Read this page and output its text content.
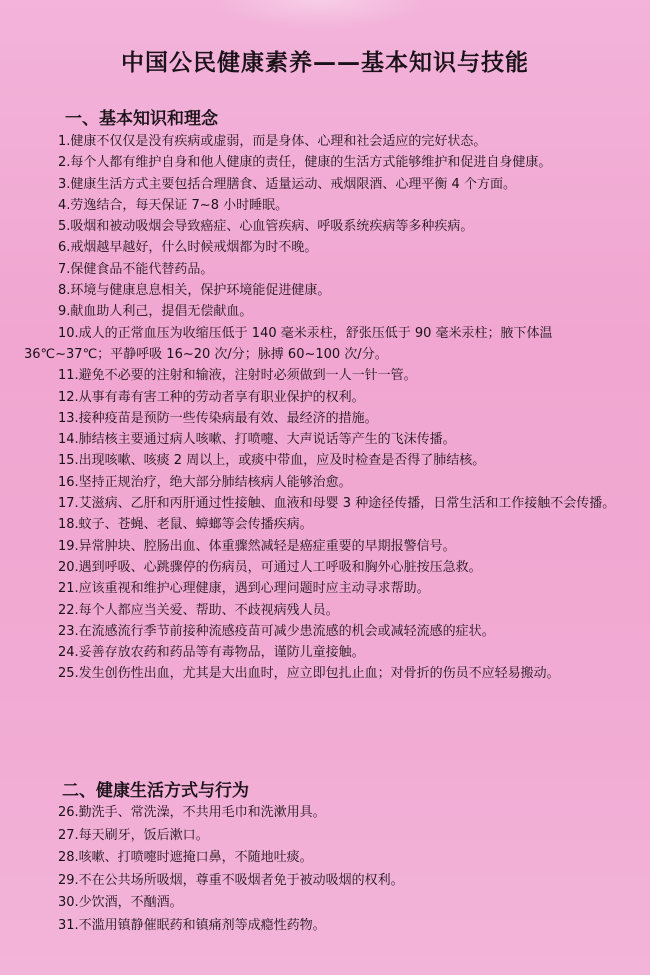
中国公民健康素养——基本知识与技能
一、基本知识和理念

1.健康不仅仅是没有疾病或虚弱，而是身体、心理和社会适应的完好状态。

2.每个人都有维护自身和他人健康的责任，健康的生活方式能够维护和促进自身健康。

3.健康生活方式主要包括合理膳食、适量运动、戒烟限酒、心理平衡 4 个方面。

4.劳逸结合，每天保证 7~8 小时睡眠。

5.吸烟和被动吸烟会导致癌症、心血管疾病、呼吸系统疾病等多种疾病。

6.戒烟越早越好，什么时候戒烟都为时不晚。

7.保健食品不能代替药品。

8.环境与健康息息相关，保护环境能促进健康。

9.献血助人利己，提倡无偿献血。

10.成人的正常血压为收缩压低于 140 毫米汞柱，舒张压低于 90 毫米汞柱；腋下体温 36℃~37℃；平静呼吸 16~20 次/分；脉搏 60~100 次/分。

11.避免不必要的注射和输液，注射时必须做到一人一针一管。

12.从事有毒有害工种的劳动者享有职业保护的权利。

13.接种疫苗是预防一些传染病最有效、最经济的措施。

14.肺结核主要通过病人咳嗽、打喷嚏、大声说话等产生的飞沫传播。

15.出现咳嗽、咳痰 2 周以上，或痰中带血，应及时检查是否得了肺结核。

16.坚持正规治疗，绝大部分肺结核病人能够治愈。

17.艾滋病、乙肝和丙肝通过性接触、血液和母婴 3 种途径传播，日常生活和工作接触不会传播。

18.蚊子、苍蝇、老鼠、蟑螂等会传播疾病。

19.异常肿块、腔肠出血、体重骤然减轻是癌症重要的早期报警信号。

20.遇到呼吸、心跳骤停的伤病员，可通过人工呼吸和胸外心脏按压急救。

21.应该重视和维护心理健康，遇到心理问题时应主动寻求帮助。

22.每个人都应当关爱、帮助、不歧视病残人员。

23.在流感流行季节前接种流感疫苗可减少患流感的机会或减轻流感的症状。

24.妥善存放农药和药品等有毒物品，谨防儿童接触。

25.发生创伤性出血，尤其是大出血时，应立即包扎止血；对骨折的伤员不应轻易搬动。

二、健康生活方式与行为

26.勤洗手、常洗澡，不共用毛巾和洗漱用具。

27.每天刷牙，饭后漱口。

28.咳嗽、打喷嚏时遮掩口鼻，不随地吐痰。

29.不在公共场所吸烟，尊重不吸烟者免于被动吸烟的权利。

30.少饮酒，不酗酒。

31.不滥用镇静催眠药和镇痛剂等成瘾性药物。
